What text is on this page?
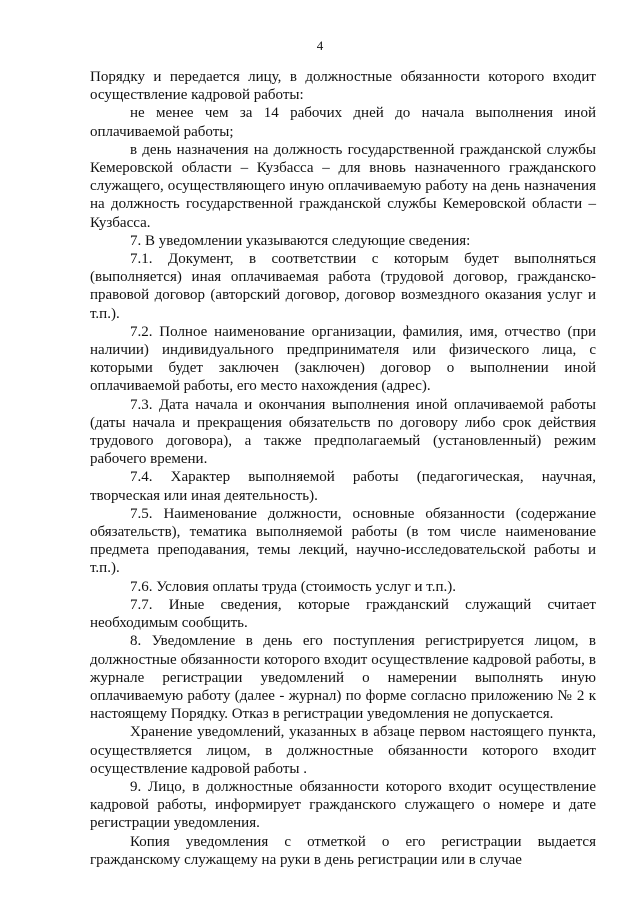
4

Порядку и передается лицу, в должностные обязанности которого входит осуществление кадровой работы:

не менее чем за 14 рабочих дней до начала выполнения иной оплачиваемой работы;

в день назначения на должность государственной гражданской службы Кемеровской области – Кузбасса – для вновь назначенного гражданского служащего, осуществляющего иную оплачиваемую работу на день назначения на должность государственной гражданской службы Кемеровской области – Кузбасса.

7. В уведомлении указываются следующие сведения:

7.1. Документ, в соответствии с которым будет выполняться (выполняется) иная оплачиваемая работа (трудовой договор, гражданско-правовой договор (авторский договор, договор возмездного оказания услуг и т.п.).

7.2. Полное наименование организации, фамилия, имя, отчество (при наличии) индивидуального предпринимателя или физического лица, с которыми будет заключен (заключен) договор о выполнении иной оплачиваемой работы, его место нахождения (адрес).

7.3. Дата начала и окончания выполнения иной оплачиваемой работы (даты начала и прекращения обязательств по договору либо срок действия трудового договора), а также предполагаемый (установленный) режим рабочего времени.

7.4. Характер выполняемой работы (педагогическая, научная, творческая или иная деятельность).

7.5. Наименование должности, основные обязанности (содержание обязательств), тематика выполняемой работы (в том числе наименование предмета преподавания, темы лекций, научно-исследовательской работы и т.п.).

7.6. Условия оплаты труда (стоимость услуг и т.п.).

7.7. Иные сведения, которые гражданский служащий считает необходимым сообщить.

8. Уведомление в день его поступления регистрируется лицом, в должностные обязанности которого входит осуществление кадровой работы, в журнале регистрации уведомлений о намерении выполнять иную оплачиваемую работу (далее - журнал) по форме согласно приложению № 2 к настоящему Порядку. Отказ в регистрации уведомления не допускается.

Хранение уведомлений, указанных в абзаце первом настоящего пункта, осуществляется лицом, в должностные обязанности которого входит осуществление кадровой работы .

9. Лицо, в должностные обязанности которого входит осуществление кадровой работы, информирует гражданского служащего о номере и дате регистрации уведомления.

Копия уведомления с отметкой о его регистрации выдается гражданскому служащему на руки в день регистрации или в случае
